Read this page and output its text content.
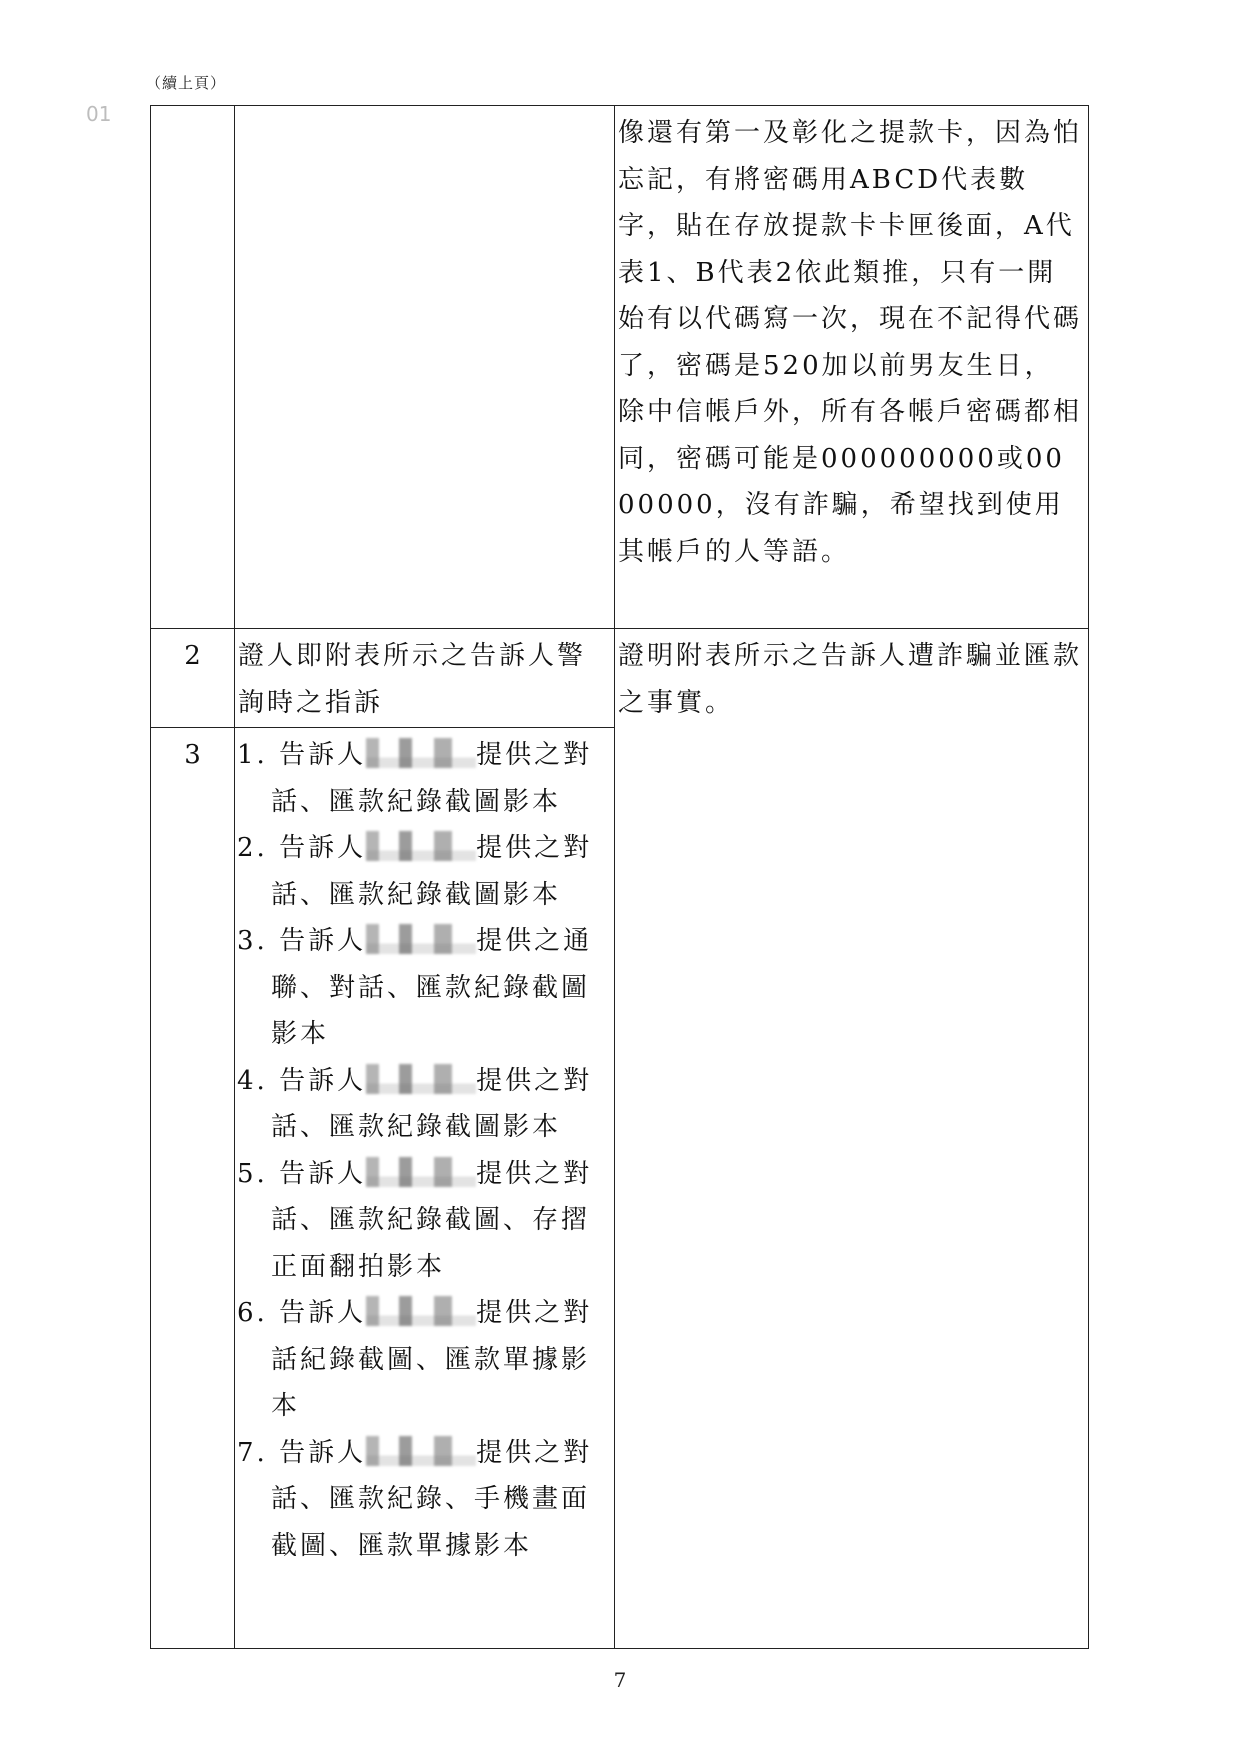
（續上頁）
01

		像還有第一及彰化之提款卡，因為怕忘記，有將密碼用ABCD代表數字，貼在存放提款卡卡匣後面，A代表1、B代表2依此類推，只有一開始有以代碼寫一次，現在不記得代碼了，密碼是520加以前男友生日，除中信帳戶外，所有各帳戶密碼都相同，密碼可能是000000000或0000000，沒有詐騙，希望找到使用其帳戶的人等語。

2	證人即附表所示之告訴人警詢時之指訴	證明附表所示之告訴人遭詐騙並匯款之事實。

3	1. 告訴人	提供之對話、匯款紀錄截圖影本
2. 告訴人	提供之對話、匯款紀錄截圖影本
3. 告訴人	提供之通聯、對話、匯款紀錄截圖影本
4. 告訴人	提供之對話、匯款紀錄截圖影本
5. 告訴人	提供之對話、匯款紀錄截圖、存摺正面翻拍影本
6. 告訴人	提供之對話紀錄截圖、匯款單據影本
7. 告訴人	提供之對話、匯款紀錄、手機畫面截圖、匯款單據影本
7
